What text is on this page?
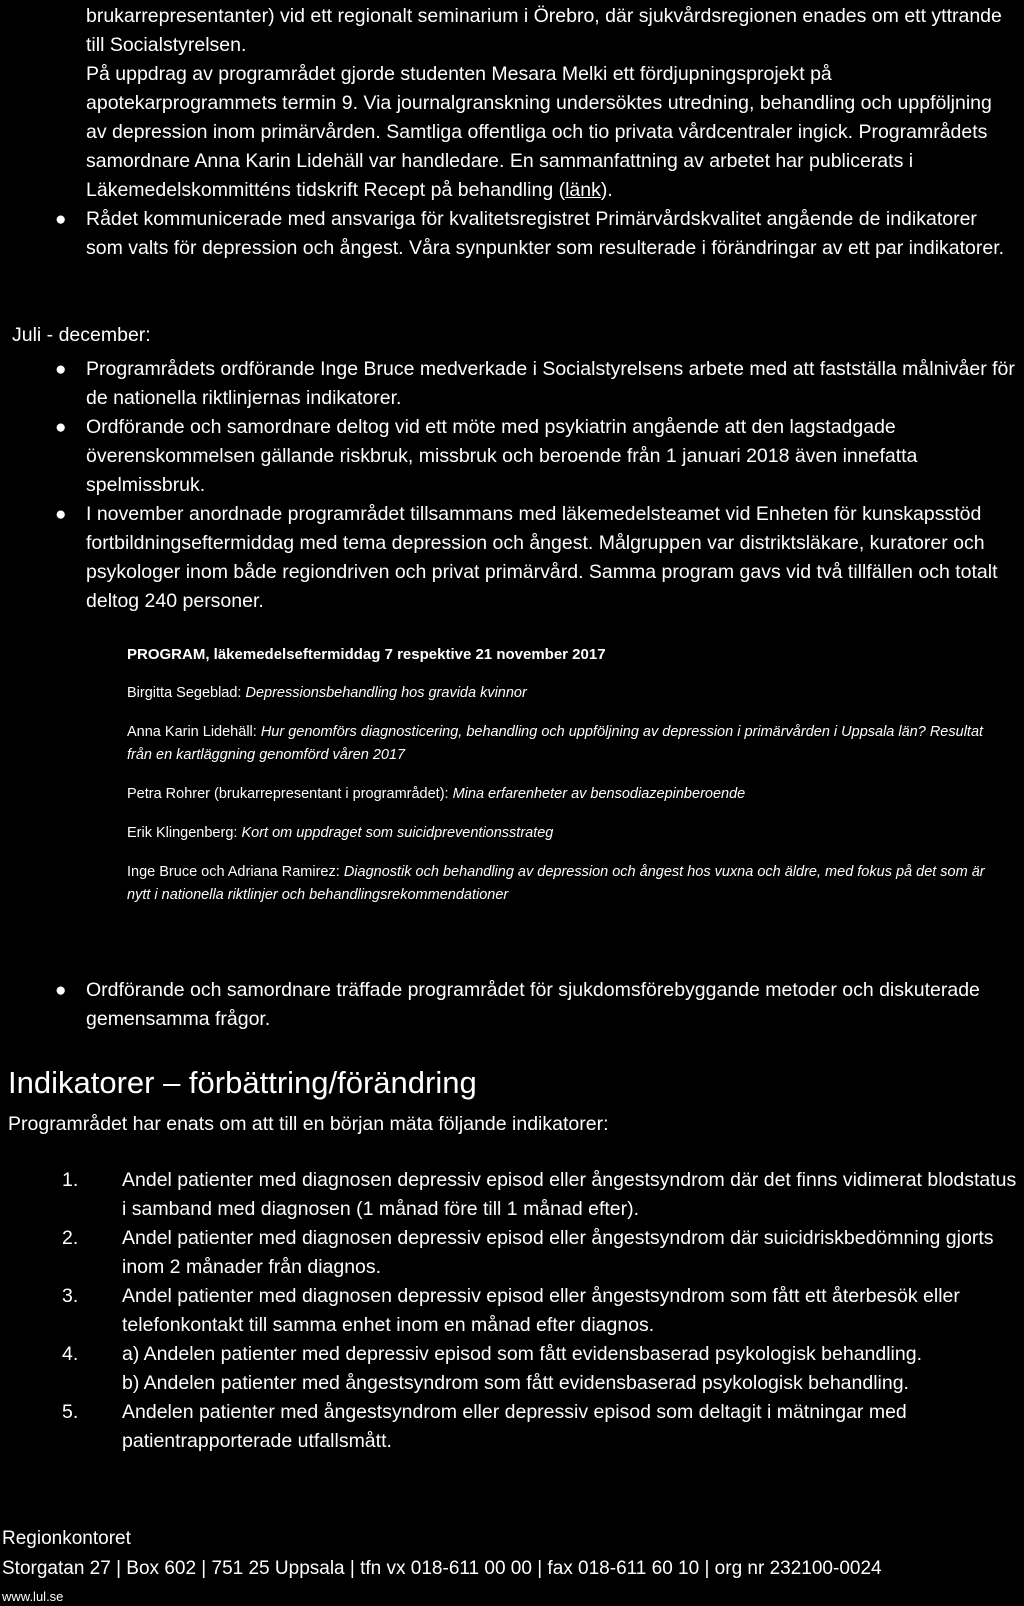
brukarrepresentanter) vid ett regionalt seminarium i Örebro, där sjukvårdsregionen enades om ett yttrande till Socialstyrelsen.

På uppdrag av programrådet gjorde studenten Mesara Melki ett fördjupningsprojekt på apotekarprogrammets termin 9. Via journalgranskning undersöktes utredning, behandling och uppföljning av depression inom primärvården. Samtliga offentliga och tio privata vårdcentraler ingick. Programrådets samordnare Anna Karin Lidehäll var handledare. En sammanfattning av arbetet har publicerats i Läkemedelskommitténs tidskrift Recept på behandling (länk).

● Rådet kommunicerade med ansvariga för kvalitetsregistret Primärvårdskvalitet angående de indikatorer som valts för depression och ångest. Våra synpunkter som resulterade i förändringar av ett par indikatorer.

Juli - december:

● Programrådets ordförande Inge Bruce medverkade i Socialstyrelsens arbete med att fastställa målnivåer för de nationella riktlinjernas indikatorer.

● Ordförande och samordnare deltog vid ett möte med psykiatrin angående att den lagstadgade överenskommelsen gällande riskbruk, missbruk och beroende från 1 januari 2018 även innefatta spelmissbruk.

● I november anordnade programrådet tillsammans med läkemedelsteamet vid Enheten för kunskapsstöd fortbildningseftermiddag med tema depression och ångest. Målgruppen var distriktsläkare, kuratorer och psykologer inom både regiondriven och privat primärvård. Samma program gavs vid två tillfällen och totalt deltog 240 personer.

PROGRAM, läkemedelseftermiddag 7 respektive 21 november 2017

Birgitta Segeblad: Depressionsbehandling hos gravida kvinnor

Anna Karin Lidehäll: Hur genomförs diagnosticering, behandling och uppföljning av depression i primärvården i Uppsala län? Resultat från en kartläggning genomförd våren 2017

Petra Rohrer (brukarrepresentant i programrådet): Mina erfarenheter av bensodiazepinberoende

Erik Klingenberg: Kort om uppdraget som suicidpreventionsstrateg

Inge Bruce och Adriana Ramirez: Diagnostik och behandling av depression och ångest hos vuxna och äldre, med fokus på det som är nytt i nationella riktlinjer och behandlingsrekommendationer

● Ordförande och samordnare träffade programrådet för sjukdomsförebyggande metoder och diskuterade gemensamma frågor.

Indikatorer – förbättring/förändring

Programrådet har enats om att till en början mäta följande indikatorer:

1. Andel patienter med diagnosen depressiv episod eller ångestsyndrom där det finns vidimerat blodstatus i samband med diagnosen (1 månad före till 1 månad efter).
2. Andel patienter med diagnosen depressiv episod eller ångestsyndrom där suicidriskbedömning gjorts inom 2 månader från diagnos.
3. Andel patienter med diagnosen depressiv episod eller ångestsyndrom som fått ett återbesök eller telefonkontakt till samma enhet inom en månad efter diagnos.
4. a) Andelen patienter med depressiv episod som fått evidensbaserad psykologisk behandling.
b) Andelen patienter med ångestsyndrom som fått evidensbaserad psykologisk behandling.
5. Andelen patienter med ångestsyndrom eller depressiv episod som deltagit i mätningar med patientrapporterade utfallsmått.

Regionkontoret

Storgatan 27 | Box 602 | 751 25 Uppsala | tfn vx 018-611 00 00 | fax 018-611 60 10 | org nr 232100-0024

www.lul.se
